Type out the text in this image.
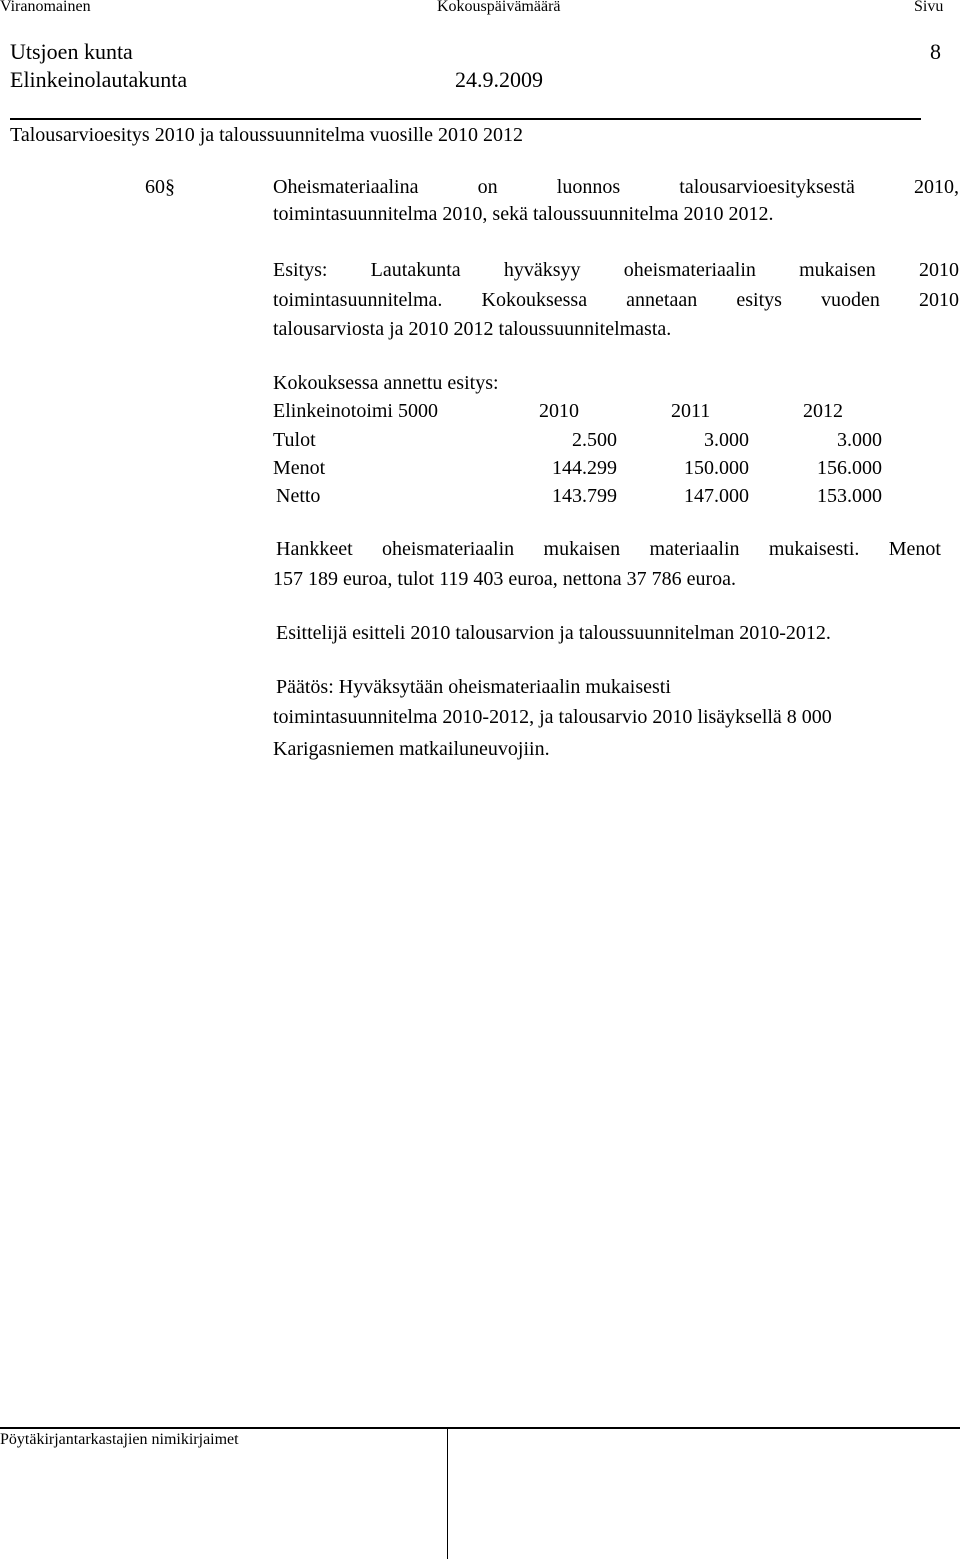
Viranomainen	Kokouspäivämäärä	Sivu
Utsjoen kunta	8
Elinkeinolautakunta	24.9.2009
Talousarvioesitys 2010 ja taloussuunnitelma vuosille 2010 2012
60§	Oheismateriaalina on luonnos talousarvioesityksestä 2010,
toimintasuunnitelma 2010, sekä taloussuunnitelma 2010 2012.
Esitys: Lautakunta hyväksyy oheismateriaalin mukaisen 2010
toimintasuunnitelma. Kokouksessa annetaan esitys vuoden 2010
talousarviosta ja 2010 2012 taloussuunnitelmasta.
Kokouksessa annettu esitys:
Elinkeinotoimi 5000	2010	2011	2012
Tulot	2.500	3.000	3.000
Menot	144.299	150.000	156.000
Netto	143.799	147.000	153.000
Hankkeet oheismateriaalin mukaisen materiaalin mukaisesti. Menot
157 189 euroa, tulot 119 403 euroa, nettona 37 786 euroa.
Esittelijä esitteli 2010 talousarvion ja taloussuunnitelman 2010-2012.
Päätös: Hyväksytään oheismateriaalin mukaisesti
toimintasuunnitelma 2010-2012, ja talousarvio 2010 lisäyksellä 8 000
Karigasniemen matkailuneuvojiin.
Pöytäkirjantarkastajien nimikirjaimet
